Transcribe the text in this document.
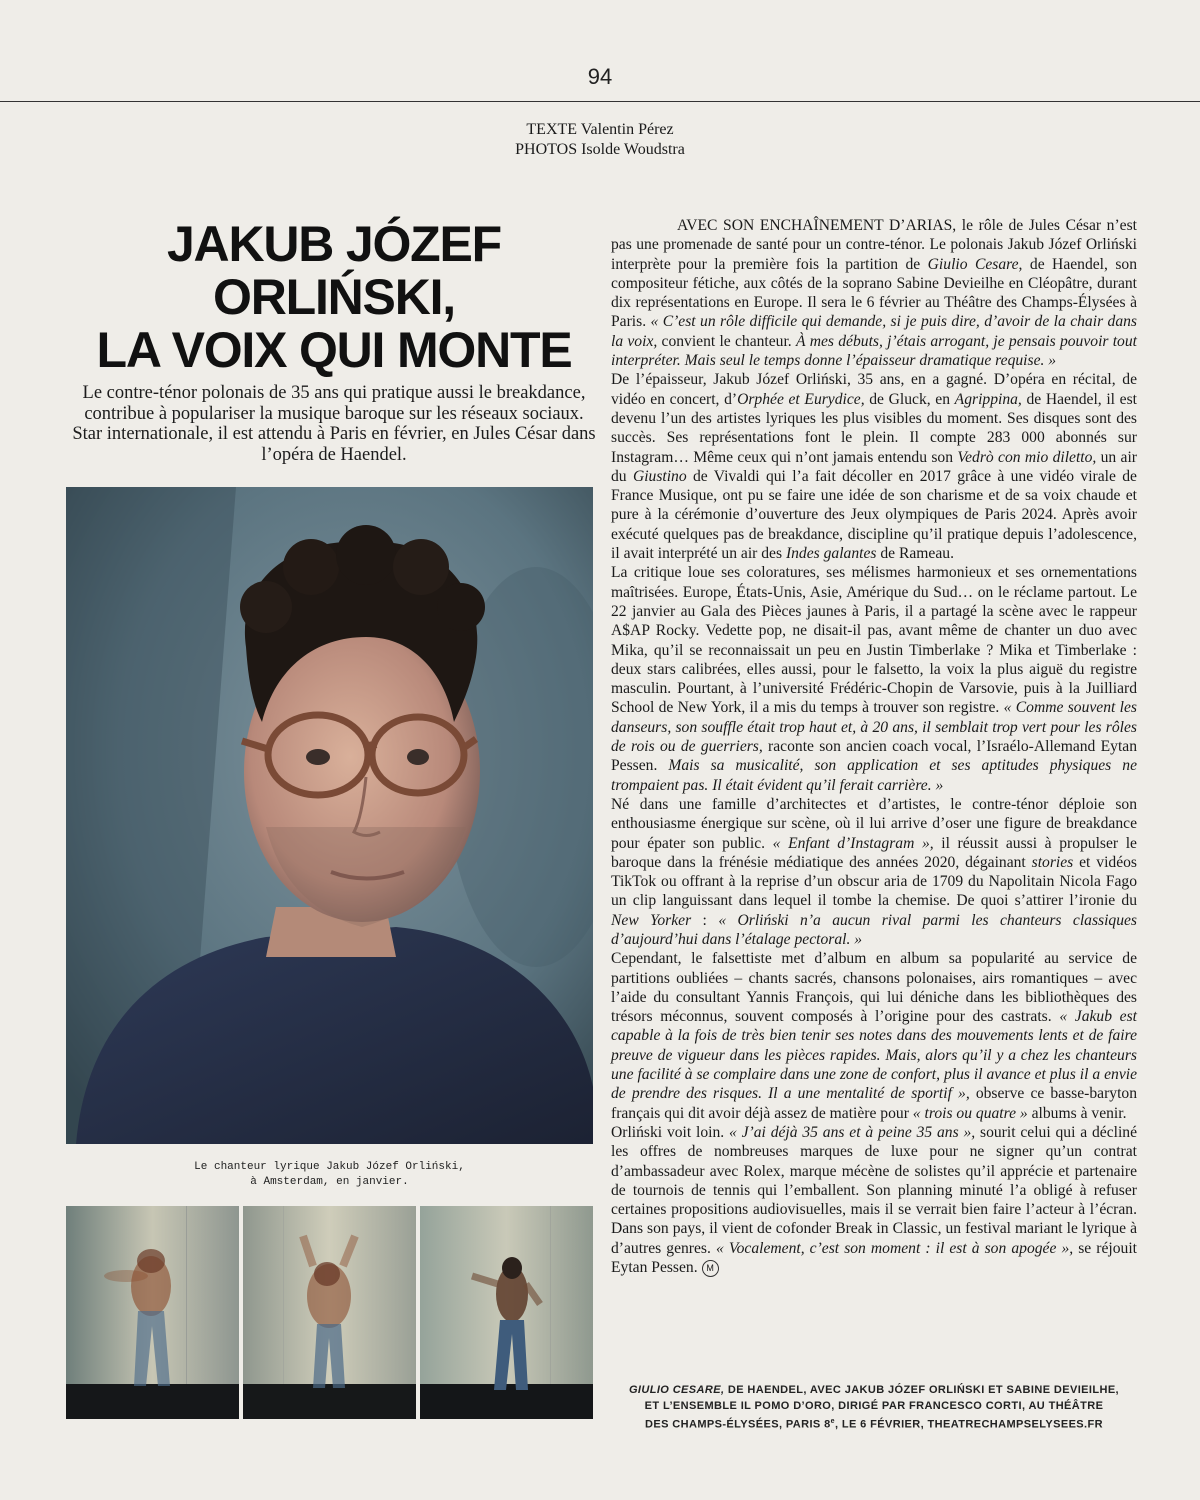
94
TEXTE Valentin Pérez
PHOTOS Isolde Woudstra
JAKUB JÓZEF
ORLIŃSKI,
LA VOIX QUI MONTE

Le contre-ténor polonais de 35 ans qui pratique aussi le breakdance, contribue à populariser la musique baroque sur les réseaux sociaux. Star internationale, il est attendu à Paris en février, en Jules César dans l’opéra de Haendel.

Le chanteur lyrique Jakub Józef Orliński,
à Amsterdam, en janvier.

AVEC SON ENCHAÎNEMENT D’ARIAS, le rôle de Jules César n’est pas une promenade de santé pour un contre-ténor. Le polonais Jakub Józef Orliński interprète pour la première fois la partition de Giulio Cesare, de Haendel, son compositeur fétiche, aux côtés de la soprano Sabine Devieilhe en Cléopâtre, durant dix représentations en Europe. Il sera le 6 février au Théâtre des Champs-Élysées à Paris. « C’est un rôle difficile qui demande, si je puis dire, d’avoir de la chair dans la voix, convient le chanteur. À mes débuts, j’étais arrogant, je pensais pouvoir tout interpréter. Mais seul le temps donne l’épaisseur dramatique requise. »

De l’épaisseur, Jakub Józef Orliński, 35 ans, en a gagné. D’opéra en récital, de vidéo en concert, d’Orphée et Eurydice, de Gluck, en Agrippina, de Haendel, il est devenu l’un des artistes lyriques les plus visibles du moment. Ses disques sont des succès. Ses représentations font le plein. Il compte 283 000 abonnés sur Instagram… Même ceux qui n’ont jamais entendu son Vedrò con mio diletto, un air du Giustino de Vivaldi qui l’a fait décoller en 2017 grâce à une vidéo virale de France Musique, ont pu se faire une idée de son charisme et de sa voix chaude et pure à la cérémonie d’ouverture des Jeux olympiques de Paris 2024. Après avoir exécuté quelques pas de breakdance, discipline qu’il pratique depuis l’adolescence, il avait interprété un air des Indes galantes de Rameau.

La critique loue ses coloratures, ses mélismes harmonieux et ses ornementations maîtrisées. Europe, États-Unis, Asie, Amérique du Sud… on le réclame partout. Le 22 janvier au Gala des Pièces jaunes à Paris, il a partagé la scène avec le rappeur A$AP Rocky. Vedette pop, ne disait-il pas, avant même de chanter un duo avec Mika, qu’il se reconnaissait un peu en Justin Timberlake ? Mika et Timberlake : deux stars calibrées, elles aussi, pour le falsetto, la voix la plus aiguë du registre masculin. Pourtant, à l’université Frédéric-Chopin de Varsovie, puis à la Juilliard School de New York, il a mis du temps à trouver son registre. « Comme souvent les danseurs, son souffle était trop haut et, à 20 ans, il semblait trop vert pour les rôles de rois ou de guerriers, raconte son ancien coach vocal, l’Israélo-Allemand Eytan Pessen. Mais sa musicalité, son application et ses aptitudes physiques ne trompaient pas. Il était évident qu’il ferait carrière. »

Né dans une famille d’architectes et d’artistes, le contre-ténor déploie son enthousiasme énergique sur scène, où il lui arrive d’oser une figure de breakdance pour épater son public. « Enfant d’Instagram », il réussit aussi à propulser le baroque dans la frénésie médiatique des années 2020, dégainant stories et vidéos TikTok ou offrant à la reprise d’un obscur aria de 1709 du Napolitain Nicola Fago un clip languissant dans lequel il tombe la chemise. De quoi s’attirer l’ironie du New Yorker : « Orliński n’a aucun rival parmi les chanteurs classiques d’aujourd’hui dans l’étalage pectoral. »

Cependant, le falsettiste met d’album en album sa popularité au service de partitions oubliées – chants sacrés, chansons polonaises, airs romantiques – avec l’aide du consultant Yannis François, qui lui déniche dans les bibliothèques des trésors méconnus, souvent composés à l’origine pour des castrats. « Jakub est capable à la fois de très bien tenir ses notes dans des mouvements lents et de faire preuve de vigueur dans les pièces rapides. Mais, alors qu’il y a chez les chanteurs une facilité à se complaire dans une zone de confort, plus il avance et plus il a envie de prendre des risques. Il a une mentalité de sportif », observe ce basse-baryton français qui dit avoir déjà assez de matière pour « trois ou quatre » albums à venir.

Orliński voit loin. « J’ai déjà 35 ans et à peine 35 ans », sourit celui qui a décliné les offres de nombreuses marques de luxe pour ne signer qu’un contrat d’ambassadeur avec Rolex, marque mécène de solistes qu’il apprécie et partenaire de tournois de tennis qui l’emballent. Son planning minuté l’a obligé à refuser certaines propositions audiovisuelles, mais il se verrait bien faire l’acteur à l’écran. Dans son pays, il vient de cofonder Break in Classic, un festival mariant le lyrique à d’autres genres. « Vocalement, c’est son moment : il est à son apogée », se réjouit Eytan Pessen. M

GIULIO CESARE, DE HAENDEL, AVEC JAKUB JÓZEF ORLIŃSKI ET SABINE DEVIEILHE,
ET L’ENSEMBLE IL POMO D’ORO, DIRIGÉ PAR FRANCESCO CORTI, AU THÉÂTRE
DES CHAMPS-ÉLYSÉES, PARIS 8e, LE 6 FÉVRIER, THEATRECHAMPSELYSEES.FR
